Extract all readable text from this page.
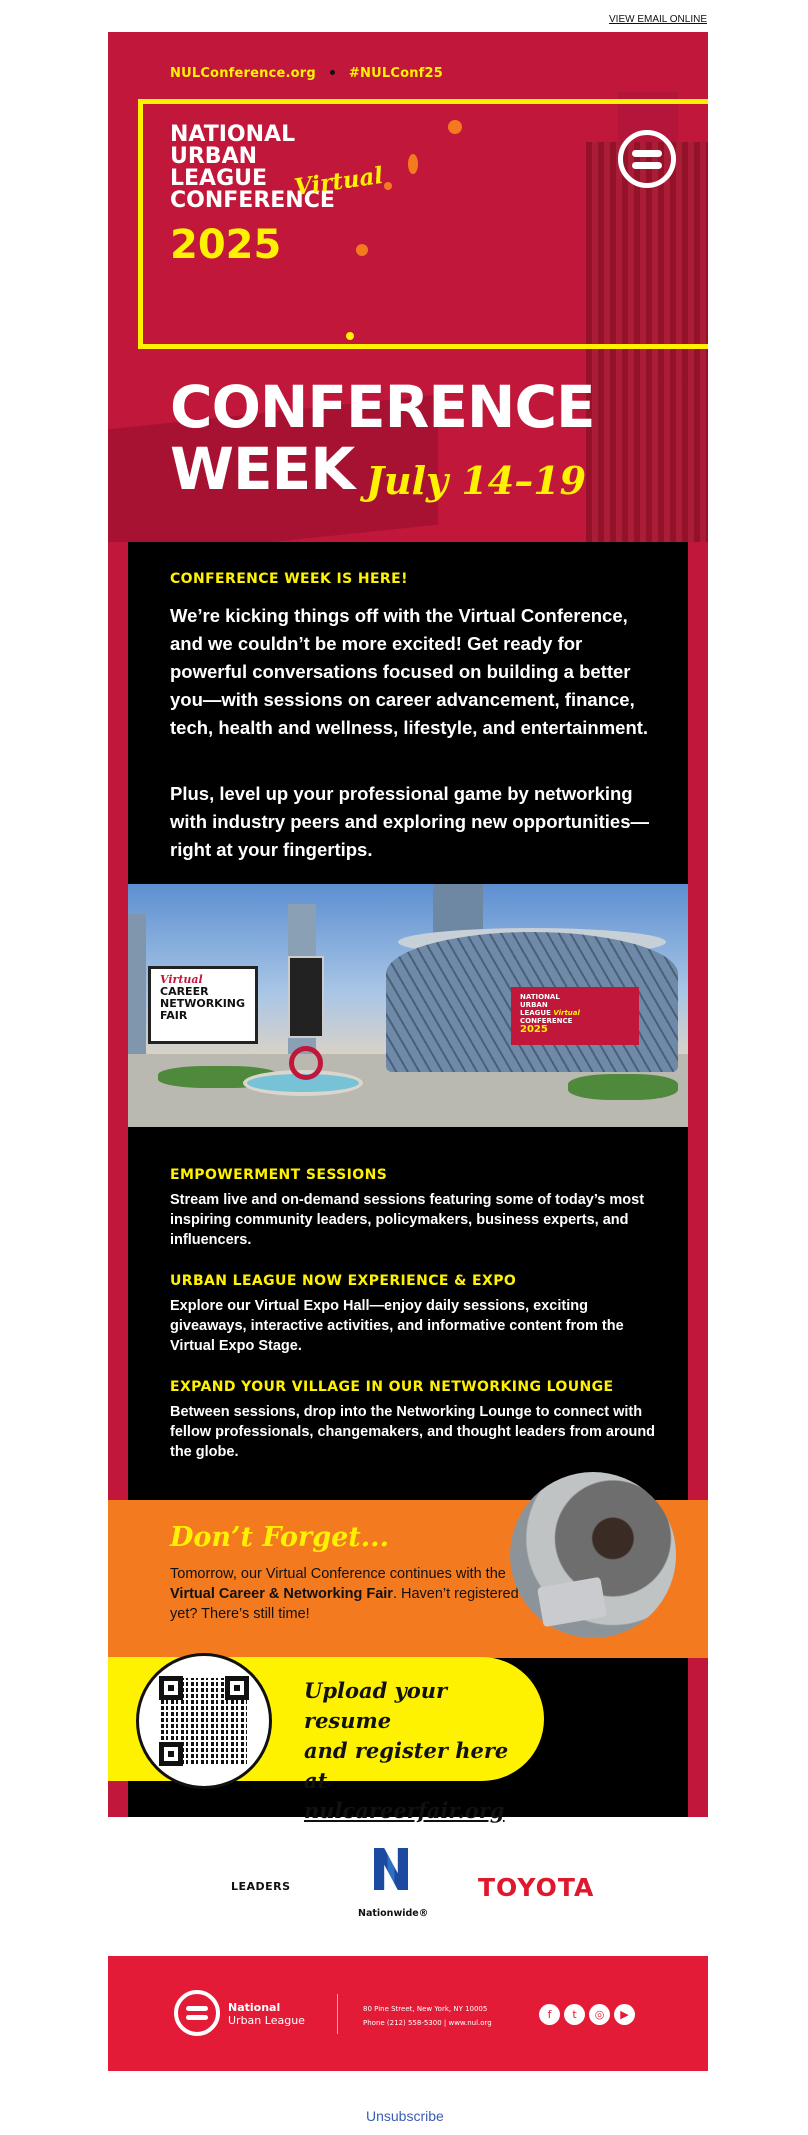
VIEW EMAIL ONLINE
NULConference.org	#NULConf25
NATIONAL
URBAN
LEAGUE
CONFERENCE
Virtual
2025
CONFERENCE
WEEK July 14–19
CONFERENCE WEEK IS HERE!
We’re kicking things off with the Virtual Conference, and we couldn’t be more excited! Get ready for powerful conversations focused on building a better you—with sessions on career advancement, finance, tech, health and wellness, lifestyle, and entertainment.
Plus, level up your professional game by networking with industry peers and exploring new opportunities—right at your fingertips.
Virtual
CAREER
NETWORKING
FAIR
NATIONAL
URBAN
LEAGUE Virtual
CONFERENCE
2025
EMPOWERMENT SESSIONS
Stream live and on-demand sessions featuring some of today’s most inspiring community leaders, policymakers, business experts, and influencers.
URBAN LEAGUE NOW EXPERIENCE & EXPO
Explore our Virtual Expo Hall—enjoy daily sessions, exciting giveaways, interactive activities, and informative content from the Virtual Expo Stage.
EXPAND YOUR VILLAGE IN OUR NETWORKING LOUNGE
Between sessions, drop into the Networking Lounge to connect with fellow professionals, changemakers, and thought leaders from around the globe.
Don’t Forget...
Tomorrow, our Virtual Conference continues with the Virtual Career & Networking Fair. Haven’t registered yet? There’s still time!
Upload your resume
and register here at
nulcareerfair.org
LEADERS
Nationwide®
TOYOTA
National
Urban League
80 Pine Street, New York, NY 10005
Phone (212) 558-5300 | www.nul.org
f	t	◎	▶
Unsubscribe
